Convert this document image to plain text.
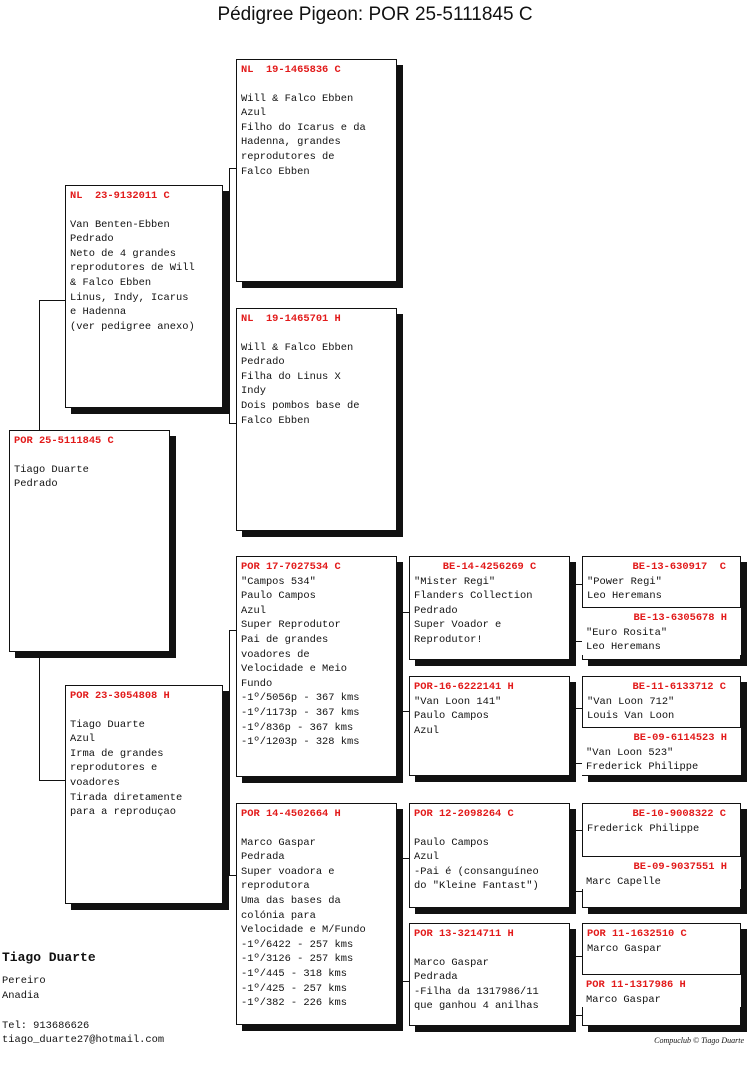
Pédigree Pigeon: POR 25-5111845 C
POR 25-5111845 C
Tiago Duarte
Pedrado
NL  23-9132011 C
Van Benten-Ebben
Pedrado
Neto de 4 grandes
reprodutores de Will
& Falco Ebben
Linus, Indy, Icarus
e Hadenna
(ver pedigree anexo)
POR 23-3054808 H
Tiago Duarte
Azul
Irma de grandes
reprodutores e
voadores
Tirada diretamente
para a reproduçao
NL  19-1465836 C
Will & Falco Ebben
Azul
Filho do Icarus e da
Hadenna, grandes
reprodutores de
Falco Ebben
NL  19-1465701 H
Will & Falco Ebben
Pedrado
Filha do Linus X
Indy
Dois pombos base de
Falco Ebben
POR 17-7027534 C
"Campos 534"
Paulo Campos
Azul
Super Reprodutor
Pai de grandes
voadores de
Velocidade e Meio
Fundo
-1º/5056p - 367 kms
-1º/1173p - 367 kms
-1º/836p - 367 kms
-1º/1203p - 328 kms
POR 14-4502664 H
Marco Gaspar
Pedrada
Super voadora e
reprodutora
Uma das bases da
colónia para
Velocidade e M/Fundo
-1º/6422 - 257 kms
-1º/3126 - 257 kms
-1º/445 - 318 kms
-1º/425 - 257 kms
-1º/382 - 226 kms
BE-14-4256269 C
"Mister Regi"
Flanders Collection
Pedrado
Super Voador e
Reprodutor!
POR-16-6222141 H
"Van Loon 141"
Paulo Campos
Azul
POR 12-2098264 C
Paulo Campos
Azul
-Pai é (consanguíneo
do "Kleine Fantast")
POR 13-3214711 H
Marco Gaspar
Pedrada
-Filha da 1317986/11
que ganhou 4 anilhas
BE-13-630917  C
"Power Regi"
Leo Heremans
BE-13-6305678 H
"Euro Rosita"
Leo Heremans
BE-11-6133712 C
"Van Loon 712"
Louis Van Loon
BE-09-6114523 H
"Van Loon 523"
Frederick Philippe
BE-10-9008322 C
Frederick Philippe
BE-09-9037551 H
Marc Capelle
POR 11-1632510 C
Marco Gaspar
POR 11-1317986 H
Marco Gaspar
Tiago Duarte
Pereiro
Anadia
Tel: 913686626
tiago_duarte27@hotmail.com	Compuclub © Tiago Duarte
